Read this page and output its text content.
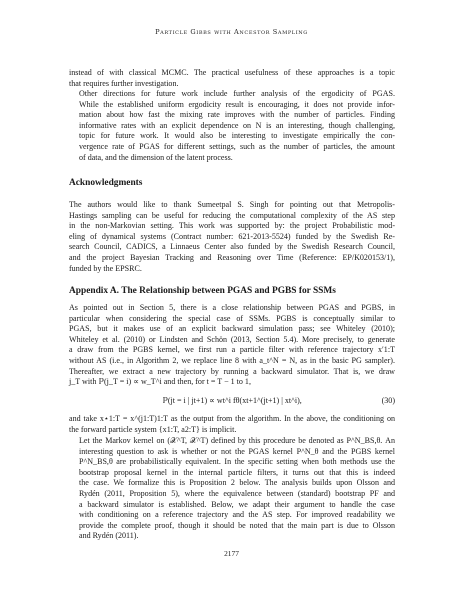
Particle Gibbs with Ancestor Sampling

instead of with classical MCMC. The practical usefulness of these approaches is a topic
that requires further investigation.

Other directions for future work include further analysis of the ergodicity of PGAS.
While the established uniform ergodicity result is encouraging, it does not provide infor-
mation about how fast the mixing rate improves with the number of particles. Finding
informative rates with an explicit dependence on N is an interesting, though challenging,
topic for future work. It would also be interesting to investigate empirically the con-
vergence rate of PGAS for different settings, such as the number of particles, the amount
of data, and the dimension of the latent process.

Acknowledgments

The authors would like to thank Sumeetpal S. Singh for pointing out that Metropolis-
Hastings sampling can be useful for reducing the computational complexity of the AS step
in the non-Markovian setting. This work was supported by: the project Probabilistic mod-
eling of dynamical systems (Contract number: 621-2013-5524) funded by the Swedish Re-
search Council, CADICS, a Linnaeus Center also funded by the Swedish Research Council,
and the project Bayesian Tracking and Reasoning over Time (Reference: EP/K020153/1),
funded by the EPSRC.

Appendix A. The Relationship between PGAS and PGBS for SSMs

As pointed out in Section 5, there is a close relationship between PGAS and PGBS, in
particular when considering the special case of SSMs. PGBS is conceptually similar to
PGAS, but it makes use of an explicit backward simulation pass; see Whiteley (2010);
Whiteley et al. (2010) or Lindsten and Schön (2013, Section 5.4). More precisely, to generate
a draw from the PGBS kernel, we first run a particle filter with reference trajectory x′1:T
without AS (i.e., in Algorithm 2, we replace line 8 with a_t^N = N, as in the basic PG sampler).
Thereafter, we extract a new trajectory by running a backward simulator. That is, we draw
j_T with ℙ(j_T = i) ∝ w_T^i and then, for t = T − 1 to 1,

ℙ(jt = i | jt+1) ∝ wt^i fθ(xt+1^(jt+1) | xt^i),	(30)

and take x⋆1:T = x^(j1:T)1:T as the output from the algorithm. In the above, the conditioning on
the forward particle system {x1:T, a2:T} is implicit.

Let the Markov kernel on (𝒳^T, 𝒳^T) defined by this procedure be denoted as P^N_BS,θ. An
interesting question to ask is whether or not the PGAS kernel P^N_θ and the PGBS kernel
P^N_BS,θ are probabilistically equivalent. In the specific setting when both methods use the
bootstrap proposal kernel in the internal particle filters, it turns out that this is indeed
the case. We formalize this is Proposition 2 below. The analysis builds upon Olsson and
Rydén (2011, Proposition 5), where the equivalence between (standard) bootstrap PF and
a backward simulator is established. Below, we adapt their argument to handle the case
with conditioning on a reference trajectory and the AS step. For improved readability we
provide the complete proof, though it should be noted that the main part is due to Olsson
and Rydén (2011).

2177
